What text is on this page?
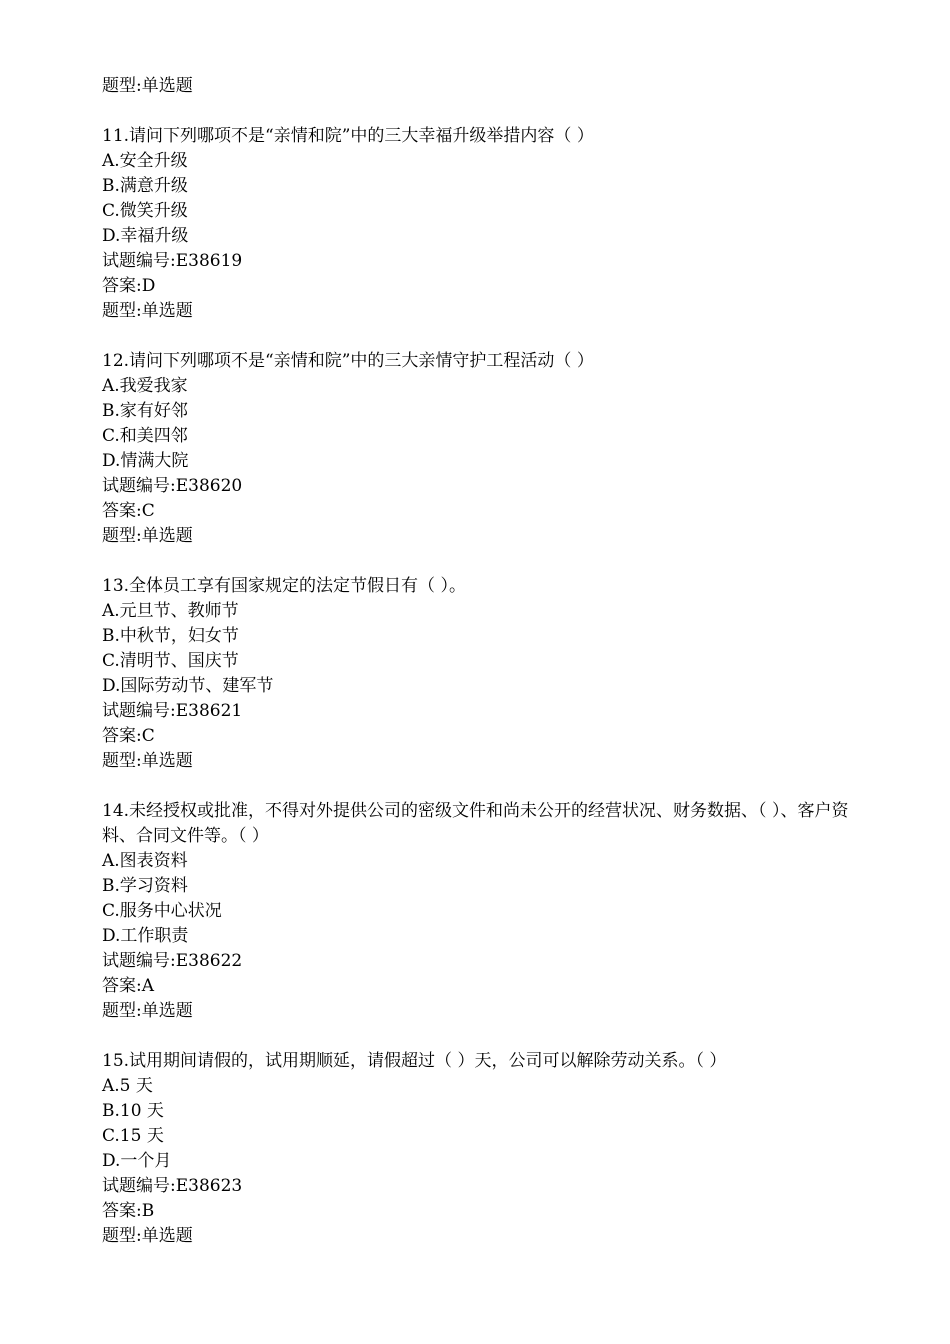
题型:单选题
11.请问下列哪项不是“亲情和院”中的三大幸福升级举措内容（ ）
A.安全升级
B.满意升级
C.微笑升级
D.幸福升级
试题编号:E38619
答案:D
题型:单选题
12.请问下列哪项不是“亲情和院”中的三大亲情守护工程活动（ ）
A.我爱我家
B.家有好邻
C.和美四邻
D.情满大院
试题编号:E38620
答案:C
题型:单选题
13.全体员工享有国家规定的法定节假日有（ ）。
A.元旦节、教师节
B.中秋节，妇女节
C.清明节、国庆节
D.国际劳动节、建军节
试题编号:E38621
答案:C
题型:单选题
14.未经授权或批准，不得对外提供公司的密级文件和尚未公开的经营状况、财务数据、（ ）、客户资料、合同文件等。（ ）
A.图表资料
B.学习资料
C.服务中心状况
D.工作职责
试题编号:E38622
答案:A
题型:单选题
15.试用期间请假的，试用期顺延，请假超过（ ）天，公司可以解除劳动关系。（ ）
A.5 天
B.10 天
C.15 天
D.一个月
试题编号:E38623
答案:B
题型:单选题
